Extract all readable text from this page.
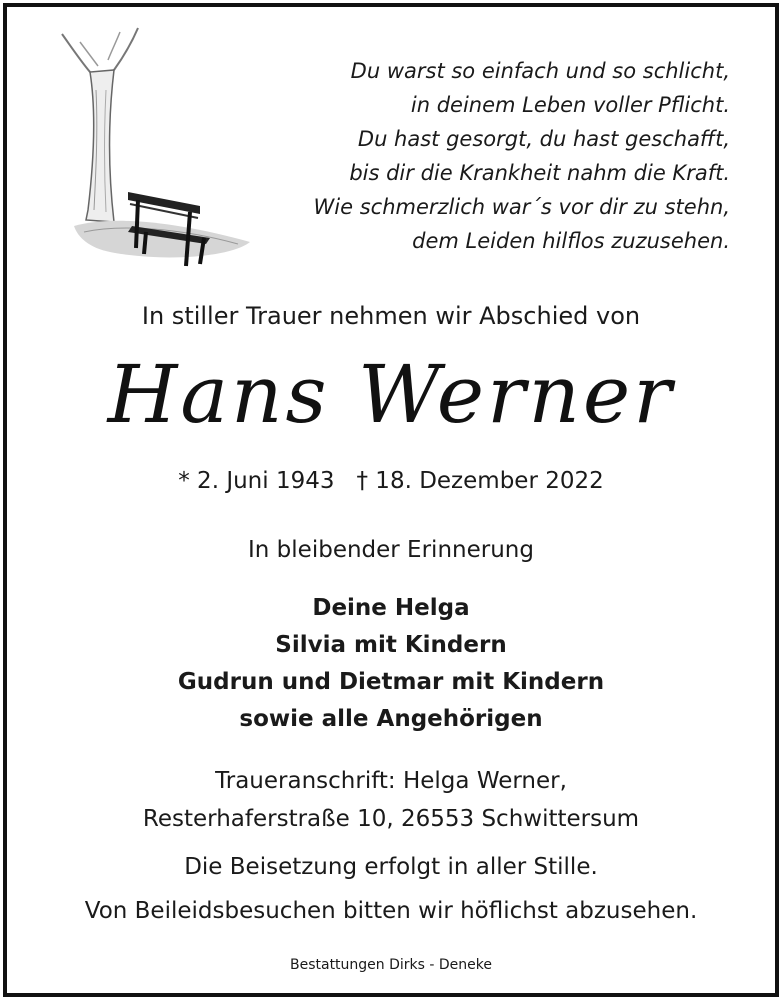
Du warst so einfach und so schlicht,
in deinem Leben voller Pflicht.
Du hast gesorgt, du hast geschafft,
bis dir die Krankheit nahm die Kraft.
Wie schmerzlich war´s vor dir zu stehn,
dem Leiden hilflos zuzusehen.
In stiller Trauer nehmen wir Abschied von
Hans Werner
* 2. Juni 1943 † 18. Dezember 2022
In bleibender Erinnerung
Deine Helga
Silvia mit Kindern
Gudrun und Dietmar mit Kindern
sowie alle Angehörigen
Traueranschrift: Helga Werner,
Resterhaferstraße 10, 26553 Schwittersum
Die Beisetzung erfolgt in aller Stille.
Von Beileidsbesuchen bitten wir höflichst abzusehen.
Bestattungen Dirks - Deneke
